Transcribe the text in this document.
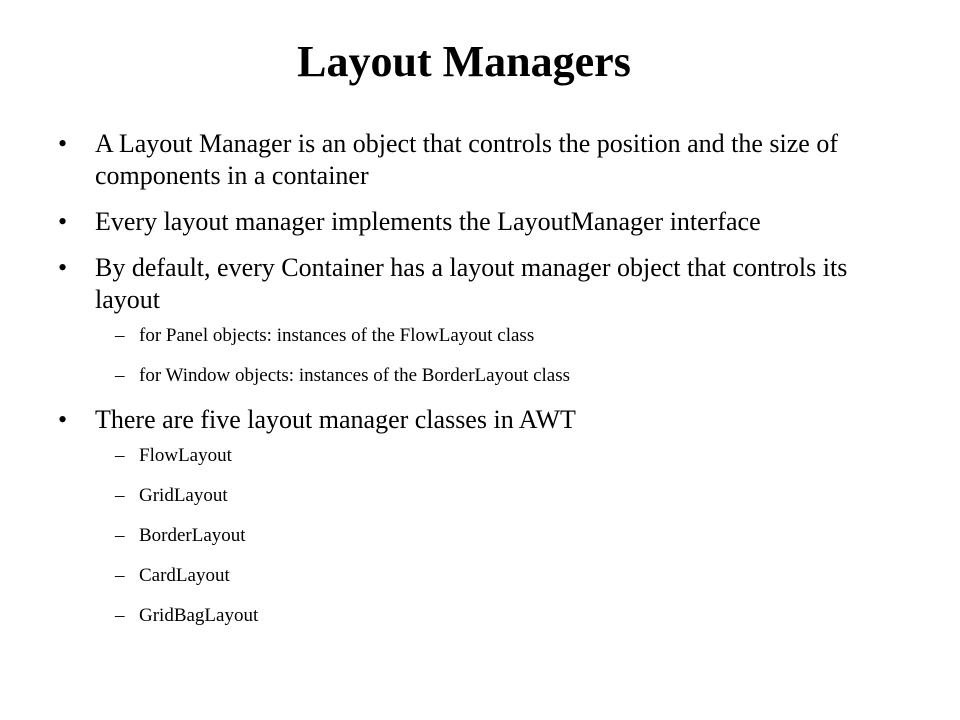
Layout Managers
•	A Layout Manager is an object that controls the position and the size of components in a container
•	Every layout manager implements the LayoutManager interface
•	By default, every Container has a layout manager object that controls its layout
– for Panel objects: instances of the FlowLayout class
– for Window objects: instances of the BorderLayout class
•	There are five layout manager classes in AWT
– FlowLayout
– GridLayout
– BorderLayout
– CardLayout
– GridBagLayout
